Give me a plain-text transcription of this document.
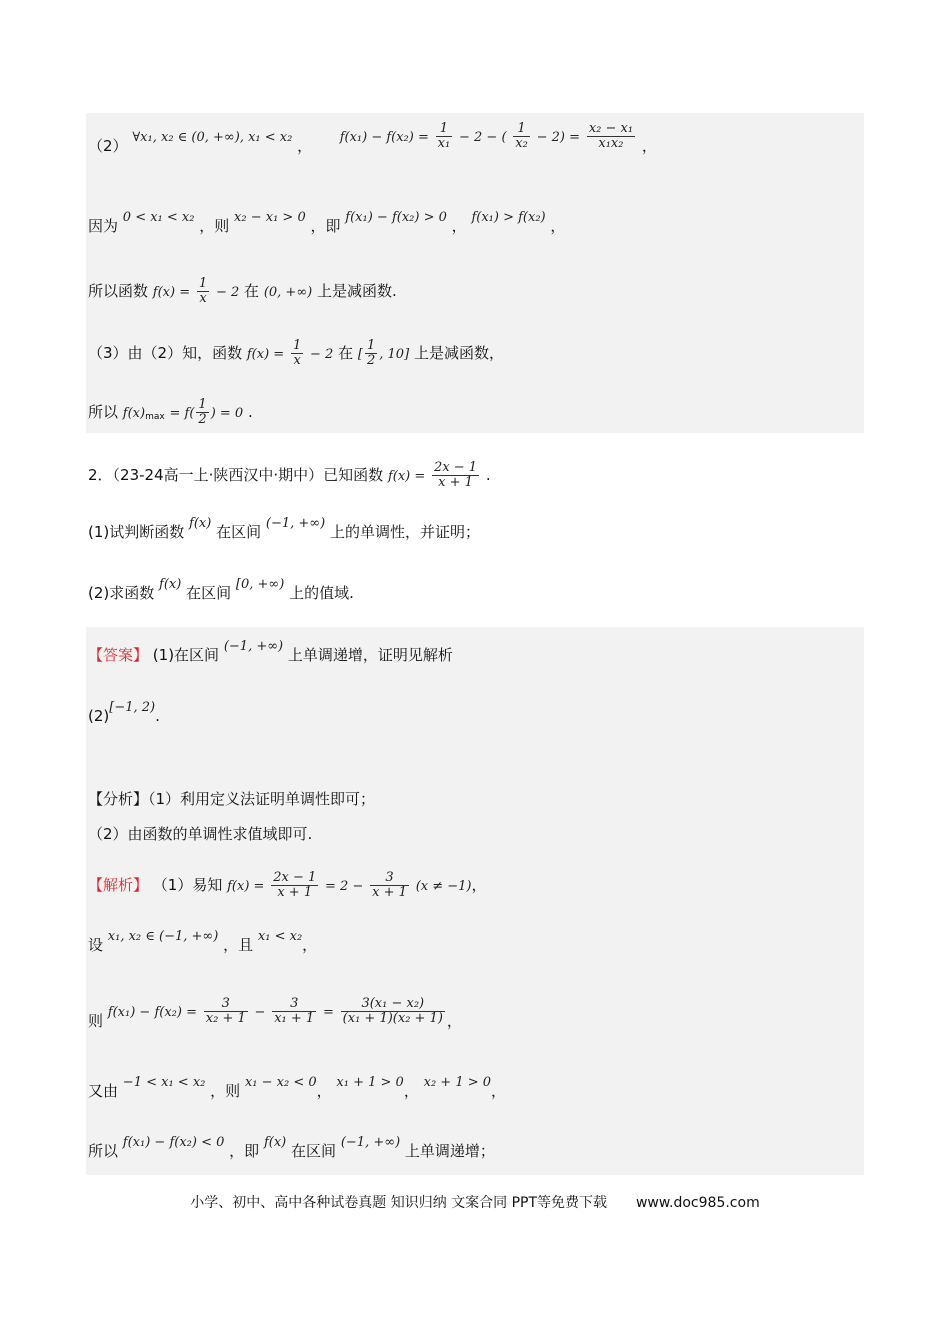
（2） ∀x₁, x₂ ∈ (0, +∞), x₁ < x₂ ， $f(x_1) - f(x_2) = \frac{1}{\text{x₁}} - 2$ − ( $\frac{1}{\text{x₂}} - 2) = \frac{\text{x₂ − x₁}}{\text{x₁x₂}}$ ，
因为 0 < x₁ < x₂ ，则 x₂ − x₁ > 0 ，即 f(x₁) − f(x₂) > 0 ， f(x₁) > f(x₂) ，
所以函数 $f(x) = \frac{1}{x} - 2$ 在 (0, +∞) 上是减函数.
（3）由（2）知，函数 $f(x) = \frac{1}{x} - 2$ 在 [ $\frac{1}{2}$ , 10] 上是减函数，
所以 $f(x)_{max} = f( \frac{1}{2}$ ) = 0 .
2．（23-24高一上·陕西汉中·期中）已知函数 $f(x) = \frac{2x - 1}{x + 1}$ .
(1)试判断函数 f(x) 在区间 (−1, +∞) 上的单调性，并证明；
(2)求函数 f(x) 在区间 [0, +∞) 上的值域.
【答案】 (1)在区间 (−1, +∞) 上单调递增，证明见解析
(2)[−1, 2).
【分析】（1）利用定义法证明单调性即可；
（2）由函数的单调性求值域即可.
【解析】 （1）易知 $f(x) = \frac{2x - 1}{x + 1} = 2 - \frac{3}{x + 1} (x \ne -1)$，
设 x₁, x₂ ∈ (−1, +∞) ，且 x₁ < x₂，
则 $f(x_1) - f(x_2) = \frac{3}{\text{x₂ + 1}} - \frac{3}{\text{x₁ + 1}} = \frac{\text{3(x₁ − x₂)}}{\text{(x₁ + 1)(x₂ + 1)}}$ ，
又由 −1 < x₁ < x₂ ，则 x₁ − x₂ < 0， x₁ + 1 > 0， x₂ + 1 > 0，
所以 f(x₁) − f(x₂) < 0 ，即 f(x) 在区间 (−1, +∞) 上单调递增；
小学、初中、高中各种试卷真题 知识归纳 文案合同 PPT等免费下载 www.doc985.com
